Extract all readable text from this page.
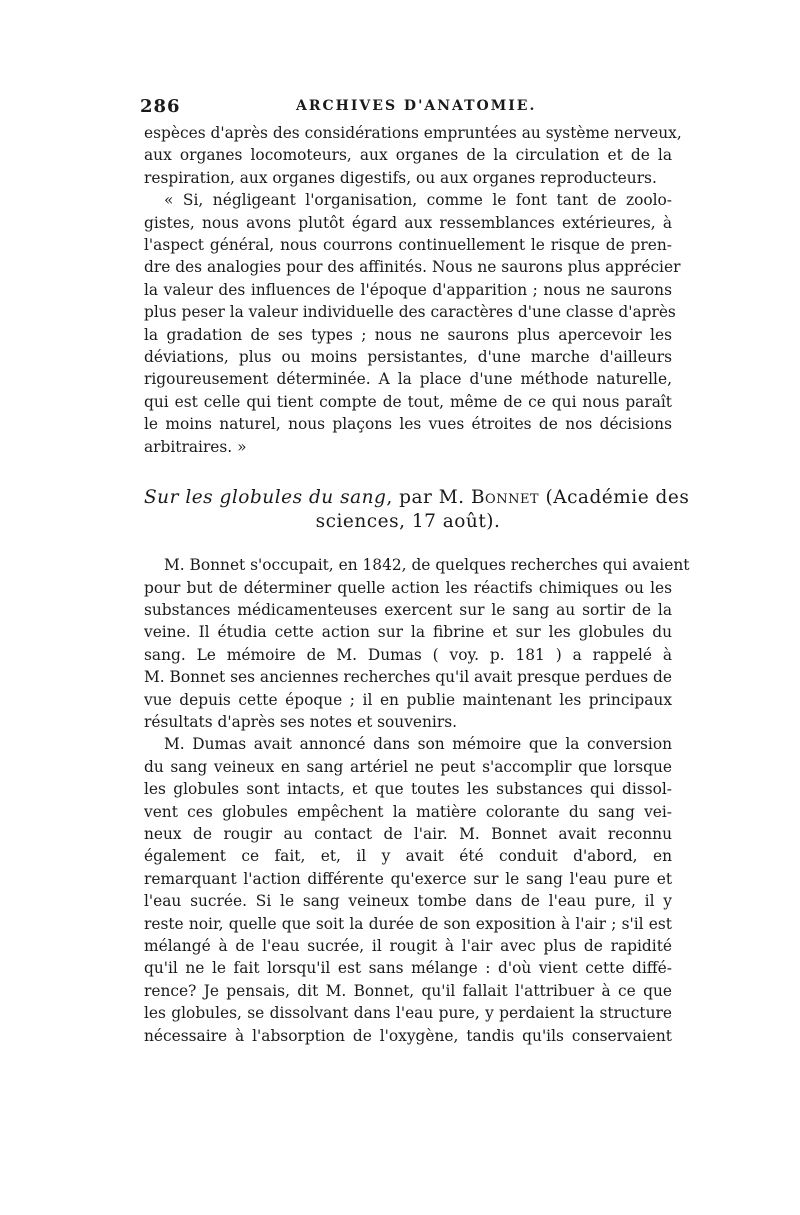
286	ARCHIVES D'ANATOMIE.

espèces d'après des considérations empruntées au système nerveux,
aux organes locomoteurs, aux organes de la circulation et de la
respiration, aux organes digestifs, ou aux organes reproducteurs.

« Si, négligeant l'organisation, comme le font tant de zoolo-
gistes, nous avons plutôt égard aux ressemblances extérieures, à
l'aspect général, nous courrons continuellement le risque de pren-
dre des analogies pour des affinités. Nous ne saurons plus apprécier
la valeur des influences de l'époque d'apparition ; nous ne saurons
plus peser la valeur individuelle des caractères d'une classe d'après
la gradation de ses types ; nous ne saurons plus apercevoir les
déviations, plus ou moins persistantes, d'une marche d'ailleurs
rigoureusement déterminée. A la place d'une méthode naturelle,
qui est celle qui tient compte de tout, même de ce qui nous paraît
le moins naturel, nous plaçons les vues étroites de nos décisions
arbitraires. »

Sur les globules du sang, par M. Bonnet (Académie des
sciences, 17 août).

M. Bonnet s'occupait, en 1842, de quelques recherches qui avaient
pour but de déterminer quelle action les réactifs chimiques ou les
substances médicamenteuses exercent sur le sang au sortir de la
veine. Il étudia cette action sur la fibrine et sur les globules du
sang. Le mémoire de M. Dumas ( voy. p. 181 ) a rappelé à
M. Bonnet ses anciennes recherches qu'il avait presque perdues de
vue depuis cette époque ; il en publie maintenant les principaux
résultats d'après ses notes et souvenirs.

M. Dumas avait annoncé dans son mémoire que la conversion
du sang veineux en sang artériel ne peut s'accomplir que lorsque
les globules sont intacts, et que toutes les substances qui dissol-
vent ces globules empêchent la matière colorante du sang vei-
neux de rougir au contact de l'air. M. Bonnet avait reconnu
également ce fait, et, il y avait été conduit d'abord, en
remarquant l'action différente qu'exerce sur le sang l'eau pure et
l'eau sucrée. Si le sang veineux tombe dans de l'eau pure, il y
reste noir, quelle que soit la durée de son exposition à l'air ; s'il est
mélangé à de l'eau sucrée, il rougit à l'air avec plus de rapidité
qu'il ne le fait lorsqu'il est sans mélange : d'où vient cette diffé-
rence? Je pensais, dit M. Bonnet, qu'il fallait l'attribuer à ce que
les globules, se dissolvant dans l'eau pure, y perdaient la structure
nécessaire à l'absorption de l'oxygène, tandis qu'ils conservaient
